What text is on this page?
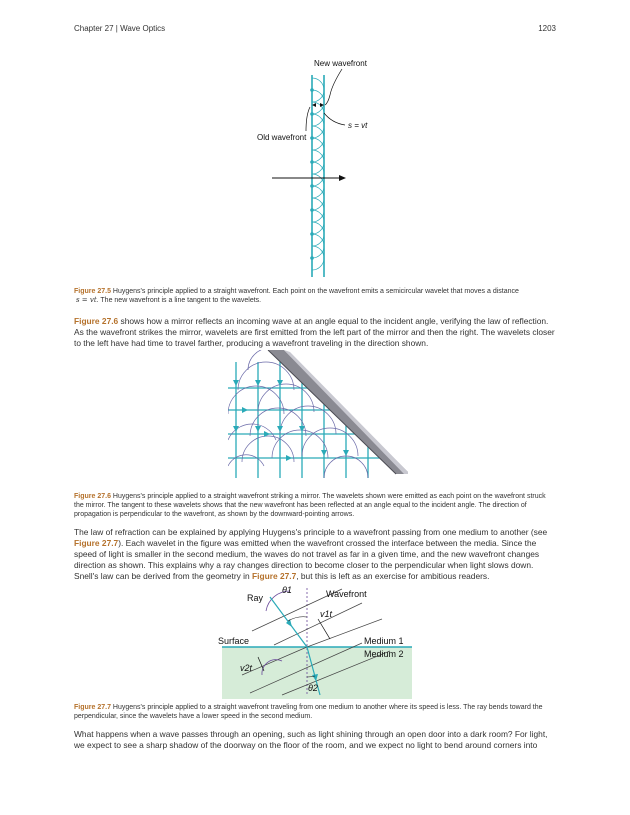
Chapter 27 | Wave Optics	1203
New wavefront
Old wavefront
s = vt
Figure 27.5 Huygens's principle applied to a straight wavefront. Each point on the wavefront emits a semicircular wavelet that moves a distance
s = vt. The new wavefront is a line tangent to the wavelets.
Figure 27.6 shows how a mirror reflects an incoming wave at an angle equal to the incident angle, verifying the law of reflection. As the wavefront strikes the mirror, wavelets are first emitted from the left part of the mirror and then the right. The wavelets closer to the left have had time to travel farther, producing a wavefront traveling in the direction shown.
Figure 27.6 Huygens's principle applied to a straight wavefront striking a mirror. The wavelets shown were emitted as each point on the wavefront struck the mirror. The tangent to these wavelets shows that the new wavefront has been reflected at an angle equal to the incident angle. The direction of propagation is perpendicular to the wavefront, as shown by the downward-pointing arrows.
The law of refraction can be explained by applying Huygens's principle to a wavefront passing from one medium to another (see Figure 27.7). Each wavelet in the figure was emitted when the wavefront crossed the interface between the media. Since the speed of light is smaller in the second medium, the waves do not travel as far in a given time, and the new wavefront changes direction as shown. This explains why a ray changes direction to become closer to the perpendicular when light slows down. Snell's law can be derived from the geometry in Figure 27.7, but this is left as an exercise for ambitious readers.
Ray
θ1	Wavefront
v1t
Surface	Medium 1
Medium 2
v2t
θ2
Figure 27.7 Huygens's principle applied to a straight wavefront traveling from one medium to another where its speed is less. The ray bends toward the perpendicular, since the wavelets have a lower speed in the second medium.
What happens when a wave passes through an opening, such as light shining through an open door into a dark room? For light, we expect to see a sharp shadow of the doorway on the floor of the room, and we expect no light to bend around corners into
